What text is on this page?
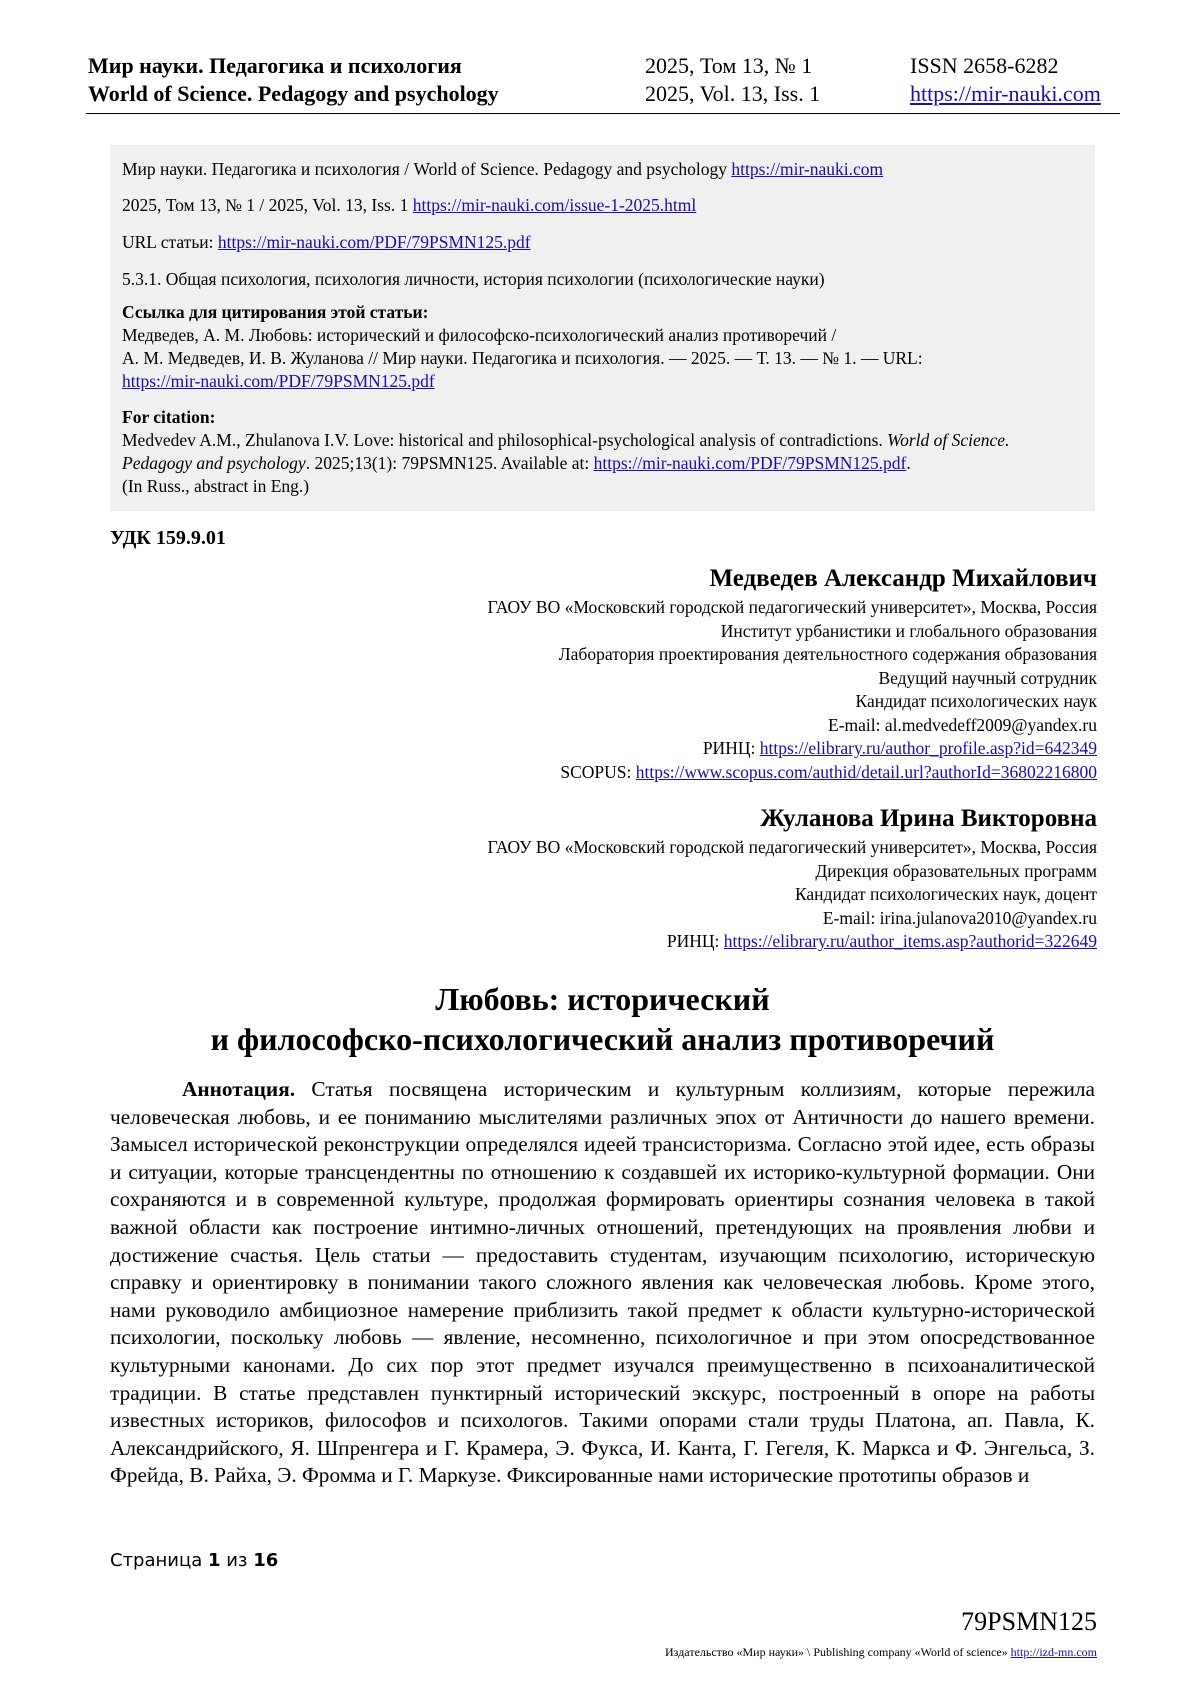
Мир науки. Педагогика и психология	2025, Том 13, № 1	ISSN 2658-6282
World of Science. Pedagogy and psychology	2025, Vol. 13, Iss. 1	https://mir-nauki.com

Мир науки. Педагогика и психология / World of Science. Pedagogy and psychology https://mir-nauki.com

2025, Том 13, № 1 / 2025, Vol. 13, Iss. 1 https://mir-nauki.com/issue-1-2025.html

URL статьи: https://mir-nauki.com/PDF/79PSMN125.pdf

5.3.1. Общая психология, психология личности, история психологии (психологические науки)

Ссылка для цитирования этой статьи:
Медведев, А. М. Любовь: исторический и философско-психологический анализ противоречий /
А. М. Медведев, И. В. Жуланова // Мир науки. Педагогика и психология. — 2025. — Т. 13. — № 1. — URL:
https://mir-nauki.com/PDF/79PSMN125.pdf
For citation:
Medvedev A.M., Zhulanova I.V. Love: historical and philosophical-psychological analysis of contradictions. World of Science. Pedagogy and psychology. 2025;13(1): 79PSMN125. Available at: https://mir-nauki.com/PDF/79PSMN125.pdf.
(In Russ., abstract in Eng.)
УДК 159.9.01
Медведев Александр Михайлович
ГАОУ ВО «Московский городской педагогический университет», Москва, Россия
Институт урбанистики и глобального образования
Лаборатория проектирования деятельностного содержания образования
Ведущий научный сотрудник
Кандидат психологических наук
E-mail: al.medvedeff2009@yandex.ru
РИНЦ: https://elibrary.ru/author_profile.asp?id=642349
SCOPUS: https://www.scopus.com/authid/detail.url?authorId=36802216800
Жуланова Ирина Викторовна
ГАОУ ВО «Московский городской педагогический университет», Москва, Россия
Дирекция образовательных программ
Кандидат психологических наук, доцент
E-mail: irina.julanova2010@yandex.ru
РИНЦ: https://elibrary.ru/author_items.asp?authorid=322649
Любовь: исторический
и философско-психологический анализ противоречий

Аннотация. Статья посвящена историческим и культурным коллизиям, которые пережила человеческая любовь, и ее пониманию мыслителями различных эпох от Античности до нашего времени. Замысел исторической реконструкции определялся идеей трансисторизма. Согласно этой идее, есть образы и ситуации, которые трансцендентны по отношению к создавшей их историко-культурной формации. Они сохраняются и в современной культуре, продолжая формировать ориентиры сознания человека в такой важной области как построение интимно-личных отношений, претендующих на проявления любви и достижение счастья. Цель статьи — предоставить студентам, изучающим психологию, историческую справку и ориентировку в понимании такого сложного явления как человеческая любовь. Кроме этого, нами руководило амбициозное намерение приблизить такой предмет к области культурно-исторической психологии, поскольку любовь — явление, несомненно, психологичное и при этом опосредствованное культурными канонами. До сих пор этот предмет изучался преимущественно в психоаналитической традиции. В статье представлен пунктирный исторический экскурс, построенный в опоре на работы известных историков, философов и психологов. Такими опорами стали труды Платона, ап. Павла, К. Александрийского, Я. Шпренгера и Г. Крамера, Э. Фукса, И. Канта, Г. Гегеля, К. Маркса и Ф. Энгельса, З. Фрейда, В. Райха, Э. Фромма и Г. Маркузе. Фиксированные нами исторические прототипы образов и

Страница 1 из 16
79PSMN125
Издательство «Мир науки» \ Publishing company «World of science» http://izd-mn.com
